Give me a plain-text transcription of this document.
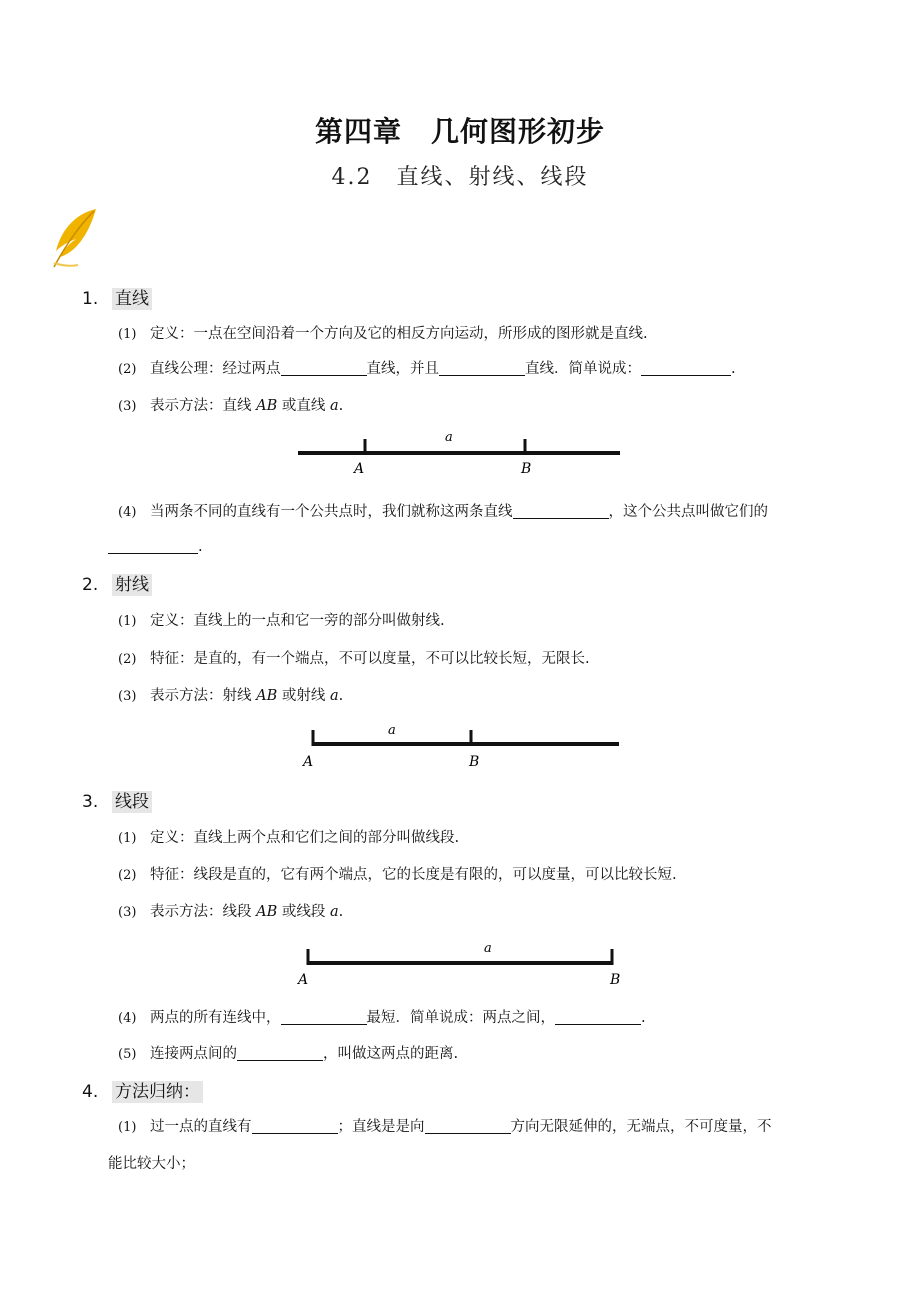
第四章　几何图形初步
4.2　直线、射线、线段
1. 直线
(1) 定义：一点在空间沿着一个方向及它的相反方向运动，所形成的图形就是直线.
(2) 直线公理：经过两点	直线，并且	直线．简单说成：	.
(3) 表示方法：直线 AB 或直线 a.
a
A	B
(4) 当两条不同的直线有一个公共点时，我们就称这两条直线	，这个公共点叫做它们的
.
2. 射线
(1) 定义：直线上的一点和它一旁的部分叫做射线.
(2) 特征：是直的，有一个端点，不可以度量，不可以比较长短，无限长.
(3) 表示方法：射线 AB 或射线 a.
a
A	B
3. 线段
(1) 定义：直线上两个点和它们之间的部分叫做线段.
(2) 特征：线段是直的，它有两个端点，它的长度是有限的，可以度量，可以比较长短.
(3) 表示方法：线段 AB 或线段 a.
a
A	B
(4) 两点的所有连线中，	最短．简单说成：两点之间，	.
(5) 连接两点间的	，叫做这两点的距离.
4. 方法归纳：
(1) 过一点的直线有	；直线是是向	方向无限延伸的，无端点，不可度量，不
能比较大小；
